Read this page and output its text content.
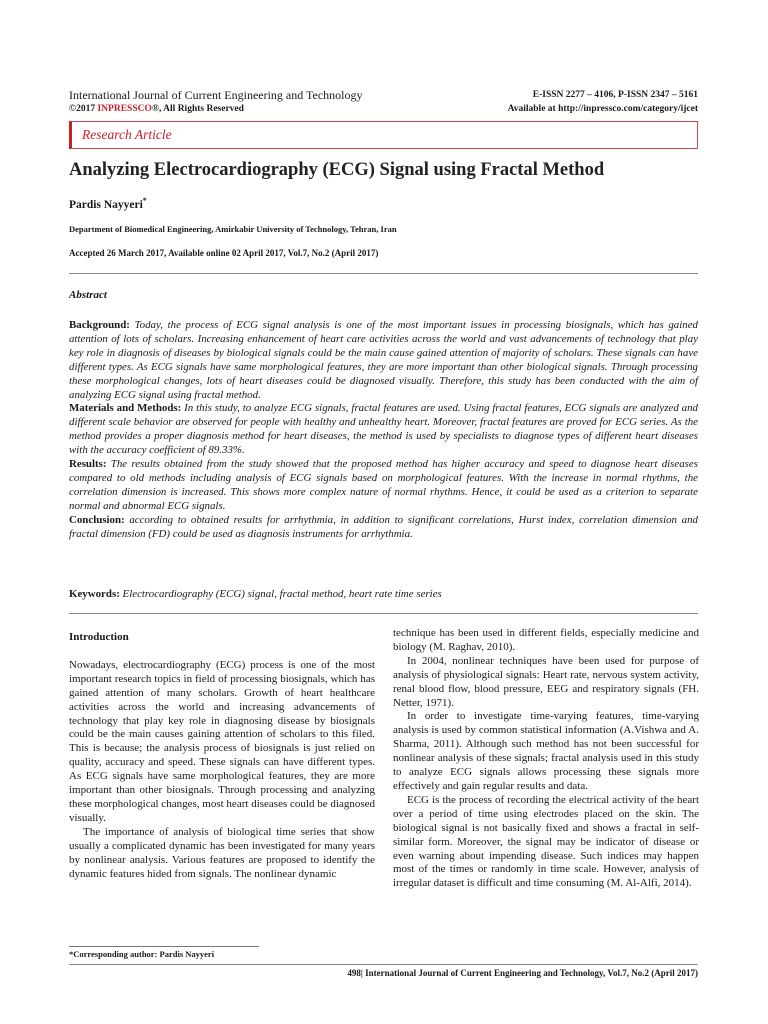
International Journal of Current Engineering and Technology
©2017 INPRESSCO®, All Rights Reserved
E-ISSN 2277 – 4106, P-ISSN 2347 – 5161
Available at http://inpressco.com/category/ijcet
Research Article
Analyzing Electrocardiography (ECG) Signal using Fractal Method
Pardis Nayyeri*
Department of Biomedical Engineering, Amirkabir University of Technology, Tehran, Iran
Accepted 26 March 2017, Available online 02 April 2017, Vol.7, No.2 (April 2017)
Abstract

Background: Today, the process of ECG signal analysis is one of the most important issues in processing biosignals, which has gained attention of lots of scholars. Increasing enhancement of heart care activities across the world and vast advancements of technology that play key role in diagnosis of diseases by biological signals could be the main cause gained attention of majority of scholars. These signals can have different types. As ECG signals have same morphological features, they are more important than other biological signals. Through processing these morphological changes, lots of heart diseases could be diagnosed visually. Therefore, this study has been conducted with the aim of analyzing ECG signal using fractal method.

Materials and Methods: In this study, to analyze ECG signals, fractal features are used. Using fractal features, ECG signals are analyzed and different scale behavior are observed for people with healthy and unhealthy heart. Moreover, fractal features are proved for ECG series. As the method provides a proper diagnosis method for heart diseases, the method is used by specialists to diagnose types of different heart diseases with the accuracy coefficient of 89.33%.

Results: The results obtained from the study showed that the proposed method has higher accuracy and speed to diagnose heart diseases compared to old methods including analysis of ECG signals based on morphological features. With the increase in normal rhythms, the correlation dimension is increased. This shows more complex nature of normal rhythms. Hence, it could be used as a criterion to separate normal and abnormal ECG signals.

Conclusion: according to obtained results for arrhythmia, in addition to significant correlations, Hurst index, correlation dimension and fractal dimension (FD) could be used as diagnosis instruments for arrhythmia.

Keywords: Electrocardiography (ECG) signal, fractal method, heart rate time series

Introduction

Nowadays, electrocardiography (ECG) process is one of the most important research topics in field of processing biosignals, which has gained attention of many scholars. Growth of heart healthcare activities across the world and increasing advancements of technology that play key role in diagnosing disease by biosignals could be the main causes gaining attention of scholars to this filed. This is because; the analysis process of biosignals is just relied on quality, accuracy and speed. These signals can have different types. As ECG signals have same morphological features, they are more important than other biosignals. Through processing and analyzing these morphological changes, most heart diseases could be diagnosed visually.

The importance of analysis of biological time series that show usually a complicated dynamic has been investigated for many years by nonlinear analysis. Various features are proposed to identify the dynamic features hided from signals. The nonlinear dynamic

technique has been used in different fields, especially medicine and biology (M. Raghav, 2010).

In 2004, nonlinear techniques have been used for purpose of analysis of physiological signals: Heart rate, nervous system activity, renal blood flow, blood pressure, EEG and respiratory signals (FH. Netter, 1971).

In order to investigate time-varying features, time-varying analysis is used by common statistical information (A.Vishwa and A. Sharma, 2011). Although such method has not been successful for nonlinear analysis of these signals; fractal analysis used in this study to analyze ECG signals allows processing these signals more effectively and gain regular results and data.

ECG is the process of recording the electrical activity of the heart over a period of time using electrodes placed on the skin. The biological signal is not basically fixed and shows a fractal in self-similar form. Moreover, the signal may be indicator of disease or even warning about impending disease. Such indices may happen most of the times or randomly in time scale. However, analysis of irregular dataset is difficult and time consuming (M. Al-Alfi, 2014).

*Corresponding author: Pardis Nayyeri
498| International Journal of Current Engineering and Technology, Vol.7, No.2 (April 2017)
